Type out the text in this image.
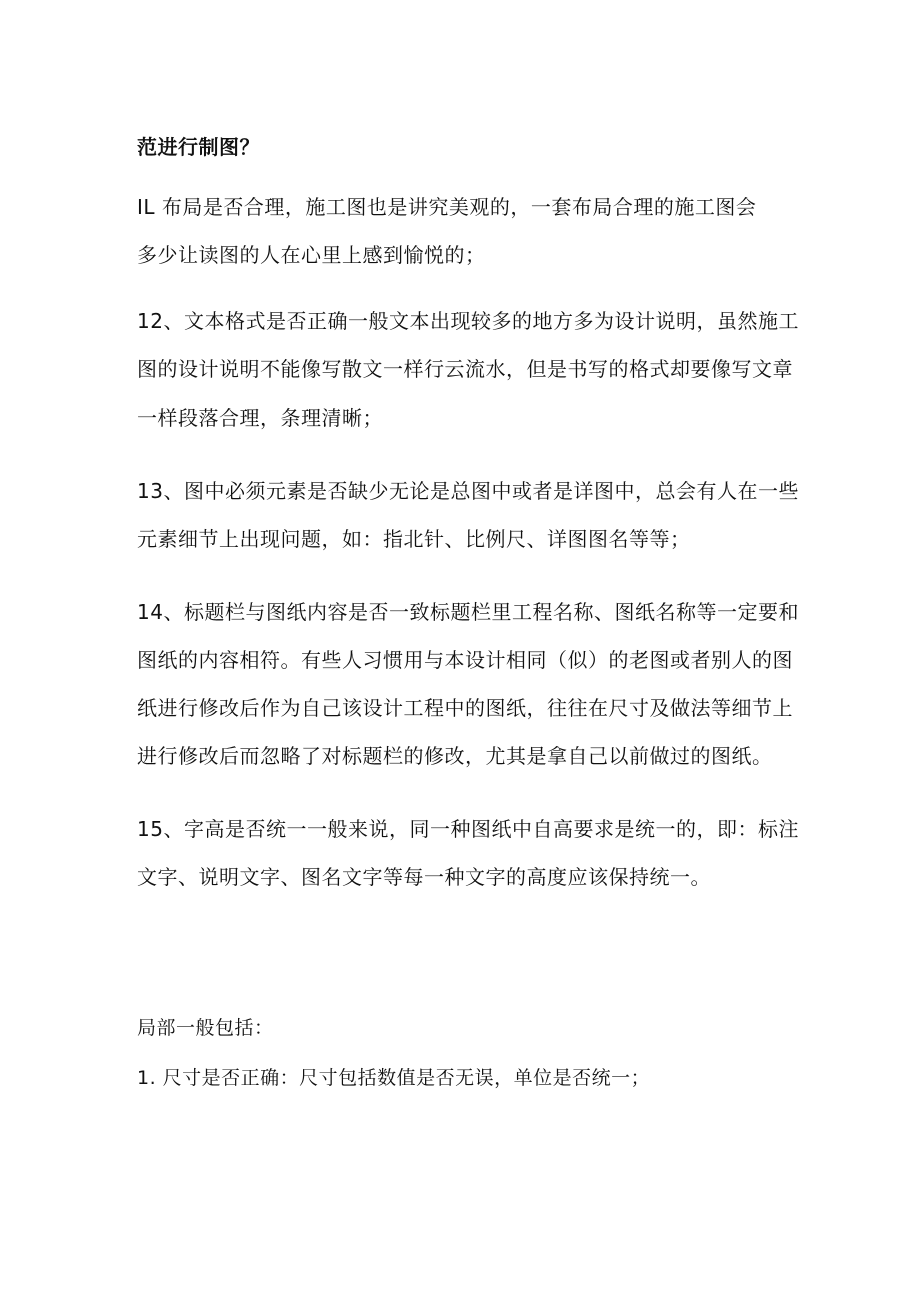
范进行制图？
IL 布局是否合理，施工图也是讲究美观的，一套布局合理的施工图会
多少让读图的人在心里上感到愉悦的；
12、文本格式是否正确一般文本出现较多的地方多为设计说明，虽然施工
图的设计说明不能像写散文一样行云流水，但是书写的格式却要像写文章
一样段落合理，条理清晰；
13、图中必须元素是否缺少无论是总图中或者是详图中，总会有人在一些
元素细节上出现问题，如：指北针、比例尺、详图图名等等；
14、标题栏与图纸内容是否一致标题栏里工程名称、图纸名称等一定要和
图纸的内容相符。有些人习惯用与本设计相同（似）的老图或者别人的图
纸进行修改后作为自己该设计工程中的图纸，往往在尺寸及做法等细节上
进行修改后而忽略了对标题栏的修改，尤其是拿自己以前做过的图纸。
15、字高是否统一一般来说，同一种图纸中自高要求是统一的，即：标注
文字、说明文字、图名文字等每一种文字的高度应该保持统一。
局部一般包括：
1. 尺寸是否正确：尺寸包括数值是否无误，单位是否统一；
